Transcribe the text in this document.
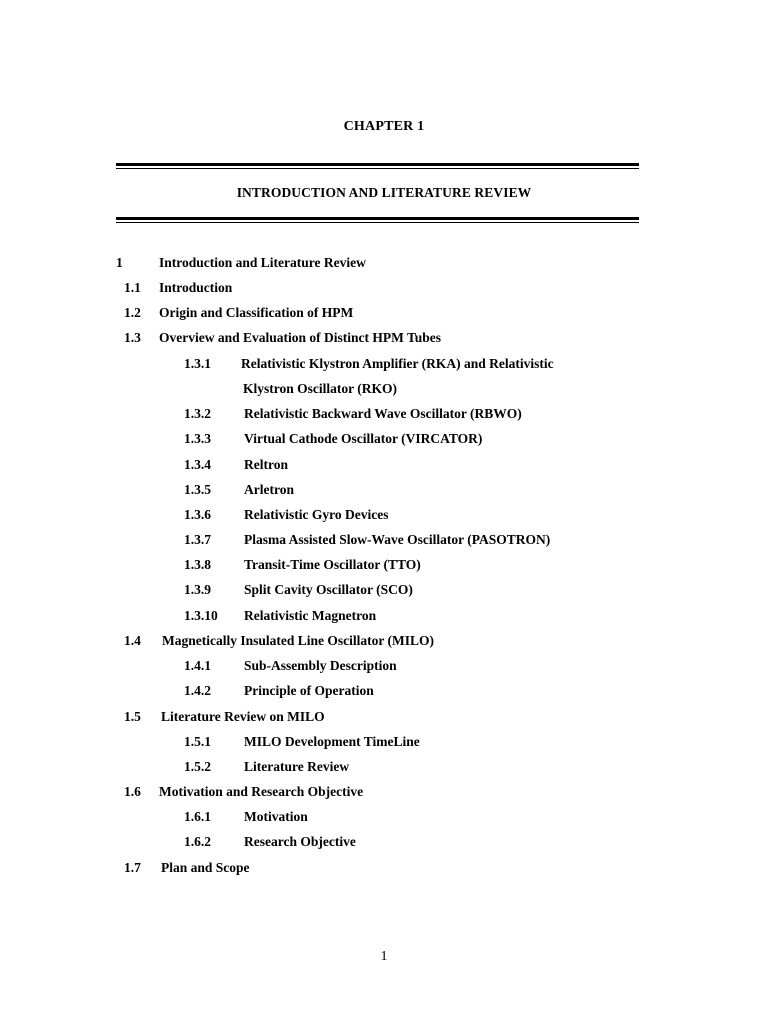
CHAPTER 1
INTRODUCTION AND LITERATURE REVIEW
1	Introduction and Literature Review
1.1 Introduction
1.2 Origin and Classification of HPM
1.3 Overview and Evaluation of Distinct HPM Tubes
1.3.1 Relativistic Klystron Amplifier (RKA) and Relativistic
Klystron Oscillator (RKO)
1.3.2 Relativistic Backward Wave Oscillator (RBWO)
1.3.3 Virtual Cathode Oscillator (VIRCATOR)
1.3.4 Reltron
1.3.5 Arletron
1.3.6 Relativistic Gyro Devices
1.3.7 Plasma Assisted Slow-Wave Oscillator (PASOTRON)
1.3.8 Transit-Time Oscillator (TTO)
1.3.9 Split Cavity Oscillator (SCO)
1.3.10 Relativistic Magnetron
1.4 Magnetically Insulated Line Oscillator (MILO)
1.4.1 Sub-Assembly Description
1.4.2 Principle of Operation
1.5 Literature Review on MILO
1.5.1 MILO Development TimeLine
1.5.2 Literature Review
1.6 Motivation and Research Objective
1.6.1 Motivation
1.6.2 Research Objective
1.7 Plan and Scope
1
